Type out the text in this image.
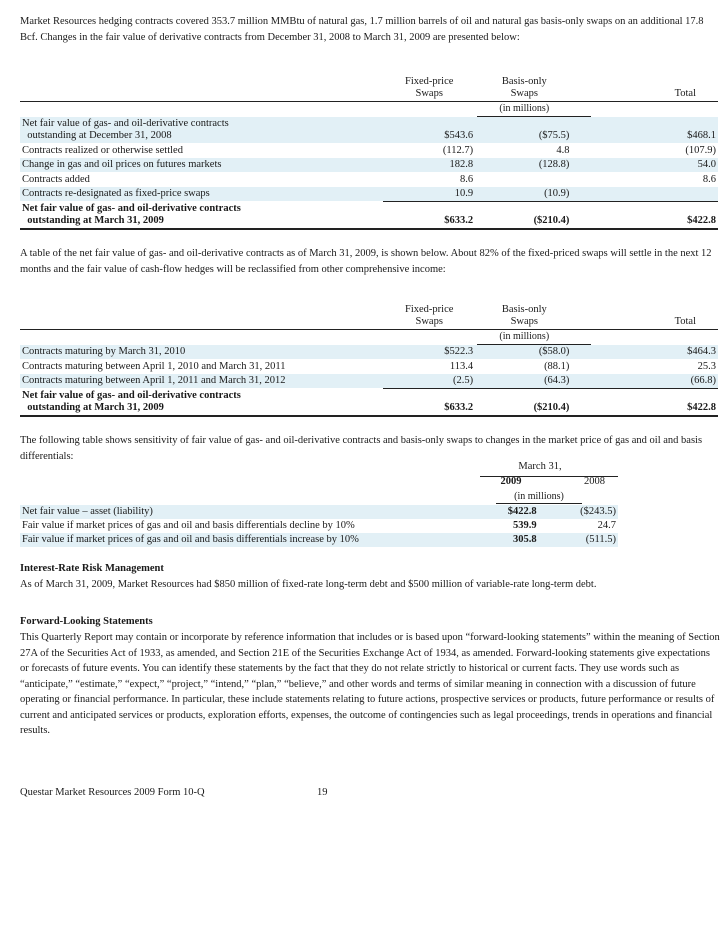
Market Resources hedging contracts covered 353.7 million MMBtu of natural gas, 1.7 million barrels of oil and natural gas basis-only swaps on an additional 17.8 Bcf. Changes in the fair value of derivative contracts from December 31, 2008 to March 31, 2009 are presented below:

	Fixed-price
Swaps	Basis-only
Swaps	Total
		(in millions)	
Net fair value of gas- and oil-derivative contracts
outstanding at December 31, 2008	$543.6	($75.5)	$468.1
Contracts realized or otherwise settled	(112.7)	4.8	(107.9)
Change in gas and oil prices on futures markets	182.8	(128.8)	54.0
Contracts added	8.6		8.6
Contracts re-designated as fixed-price swaps	10.9	(10.9)	
Net fair value of gas- and oil-derivative contracts
outstanding at March 31, 2009	$633.2	($210.4)	$422.8

A table of the net fair value of gas- and oil-derivative contracts as of March 31, 2009, is shown below. About 82% of the fixed-priced swaps will settle in the next 12 months and the fair value of cash-flow hedges will be reclassified from other comprehensive income:

	Fixed-price
Swaps	Basis-only
Swaps	Total
		(in millions)	
Contracts maturing by March 31, 2010	$522.3	($58.0)	$464.3
Contracts maturing between April 1, 2010 and March 31, 2011	113.4	(88.1)	25.3
Contracts maturing between April 1, 2011 and March 31, 2012	(2.5)	(64.3)	(66.8)
Net fair value of gas- and oil-derivative contracts
outstanding at March 31, 2009	$633.2	($210.4)	$422.8

The following table shows sensitivity of fair value of gas- and oil-derivative contracts and basis-only swaps to changes in the market price of gas and oil and basis differentials:

March 31,
2009	2008
(in millions)
Net fair value – asset (liability)	$422.8	($243.5)
Fair value if market prices of gas and oil and basis differentials decline by 10%	539.9	24.7
Fair value if market prices of gas and oil and basis differentials increase by 10%	305.8	(511.5)
Interest-Rate Risk Management

As of March 31, 2009, Market Resources had $850 million of fixed-rate long-term debt and $500 million of variable-rate long-term debt.

Forward-Looking Statements

This Quarterly Report may contain or incorporate by reference information that includes or is based upon “forward-looking statements” within the meaning of Section 27A of the Securities Act of 1933, as amended, and Section 21E of the Securities Exchange Act of 1934, as amended. Forward-looking statements give expectations or forecasts of future events. You can identify these statements by the fact that they do not relate strictly to historical or current facts. They use words such as “anticipate,” “estimate,” “expect,” “project,” “intend,” “plan,” “believe,” and other words and terms of similar meaning in connection with a discussion of future operating or financial performance. In particular, these include statements relating to future actions, prospective services or products, future performance or results of current and anticipated services or products, exploration efforts, expenses, the outcome of contingencies such as legal proceedings, trends in operations and financial results.

Questar Market Resources 2009 Form 10-Q	19
